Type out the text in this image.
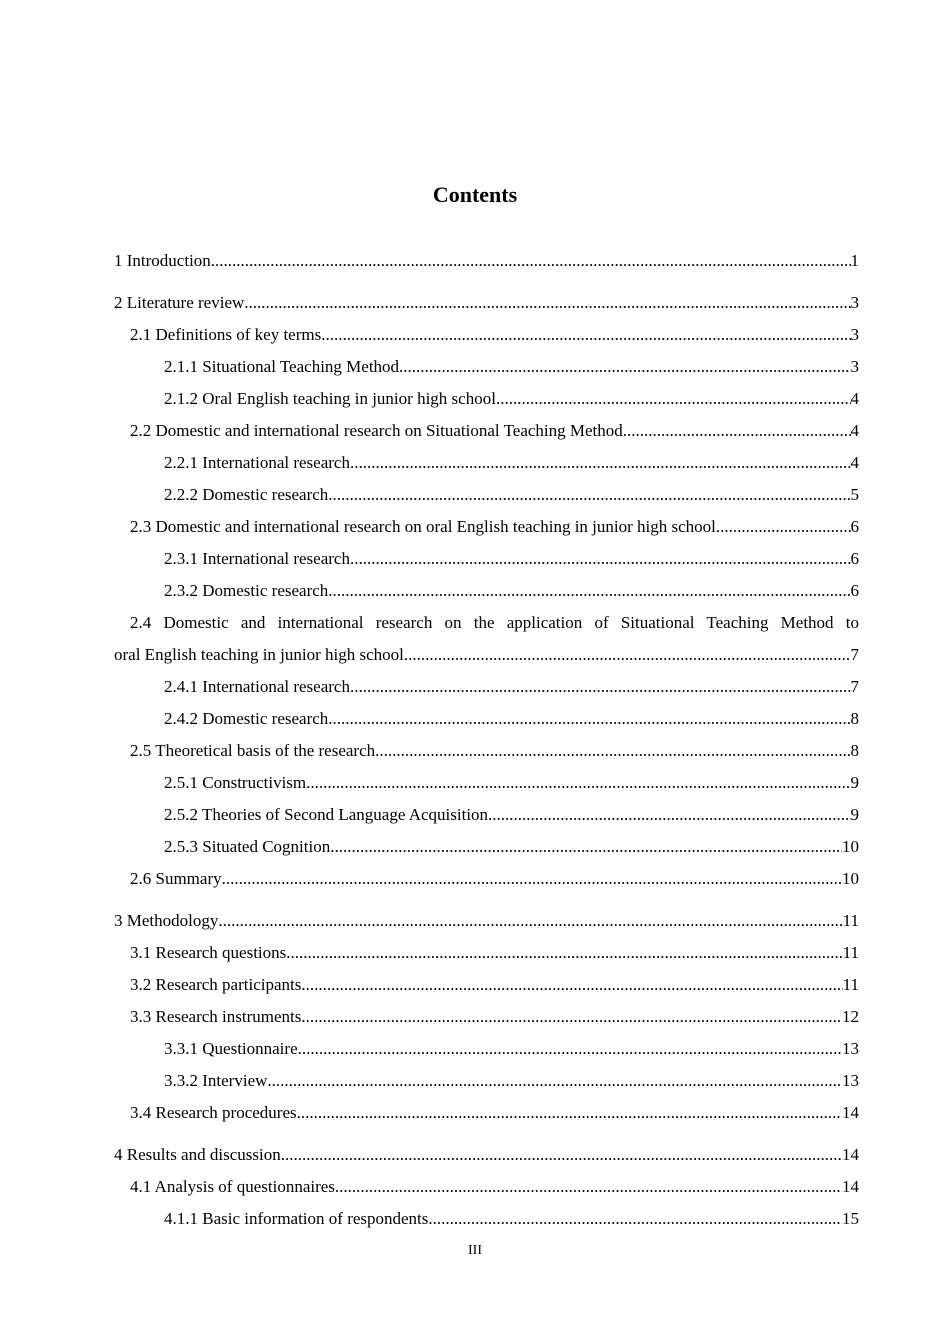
Contents
1 Introduction .....	1
2 Literature review .....	3
2.1 Definitions of key terms .....	3
2.1.1 Situational Teaching Method .....	3
2.1.2 Oral English teaching in junior high school .....	4
2.2 Domestic and international research on Situational Teaching Method .....	4
2.2.1 International research .....	4
2.2.2 Domestic research .....	5
2.3 Domestic and international research on oral English teaching in junior high school .....	6
2.3.1 International research .....	6
2.3.2 Domestic research .....	6
2.4 Domestic and international research on the application of Situational Teaching Method to
oral English teaching in junior high school .....	7
2.4.1 International research .....	7
2.4.2 Domestic research .....	8
2.5 Theoretical basis of the research .....	8
2.5.1 Constructivism .....	9
2.5.2 Theories of Second Language Acquisition .....	9
2.5.3 Situated Cognition .....	10
2.6 Summary .....	10
3 Methodology .....	11
3.1 Research questions .....	11
3.2 Research participants .....	11
3.3 Research instruments .....	12
3.3.1 Questionnaire .....	13
3.3.2 Interview .....	13
3.4 Research procedures .....	14
4 Results and discussion .....	14
4.1 Analysis of questionnaires .....	14
4.1.1 Basic information of respondents .....	15
III
